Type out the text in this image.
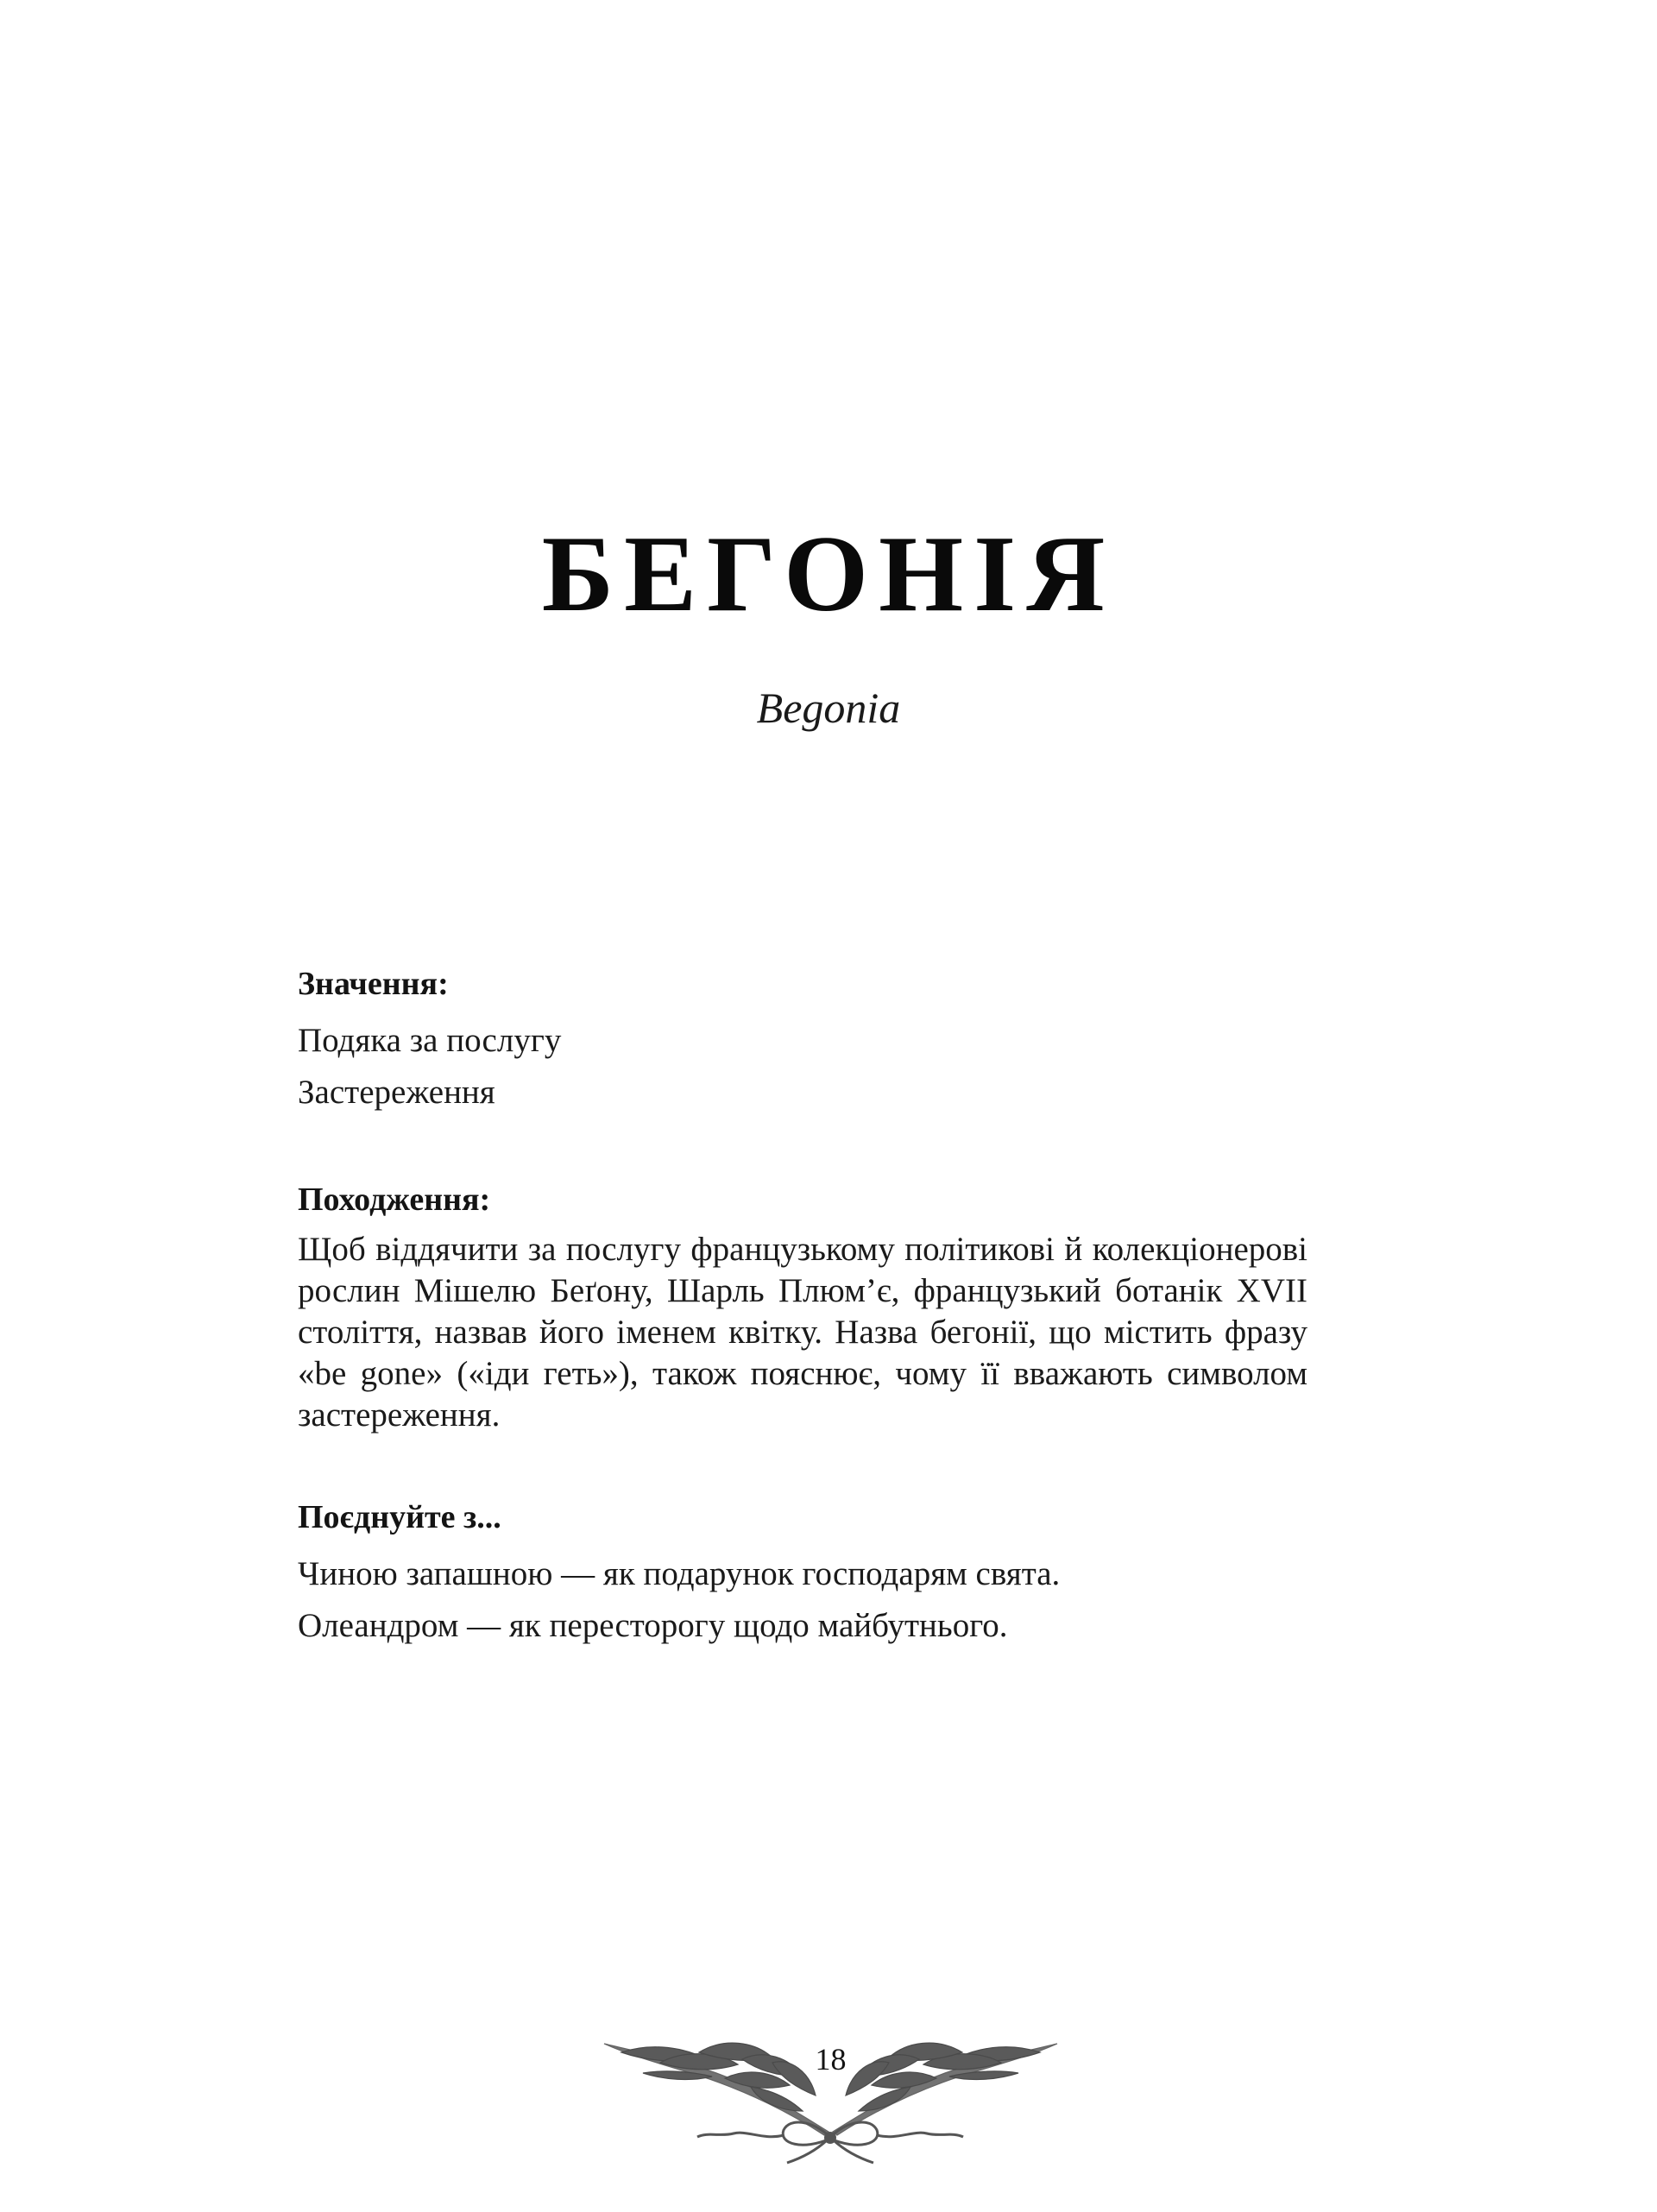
БЕГОНІЯ

Begonia

Значення:

Подяка за послугу

Застереження

Походження:

Щоб віддячити за послугу французькому політикові й колекціонерові рослин Мішелю Беґону, Шарль Плюм’є, французький ботанік XVII століття, назвав його іменем квітку. Назва бегонії, що містить фразу «be gone» («іди геть»), також пояснює, чому її вважають символом застереження.

Поєднуйте з...

Чиною запашною — як подарунок господарям свята.

Олеандром — як пересторогу щодо майбутнього.

18
